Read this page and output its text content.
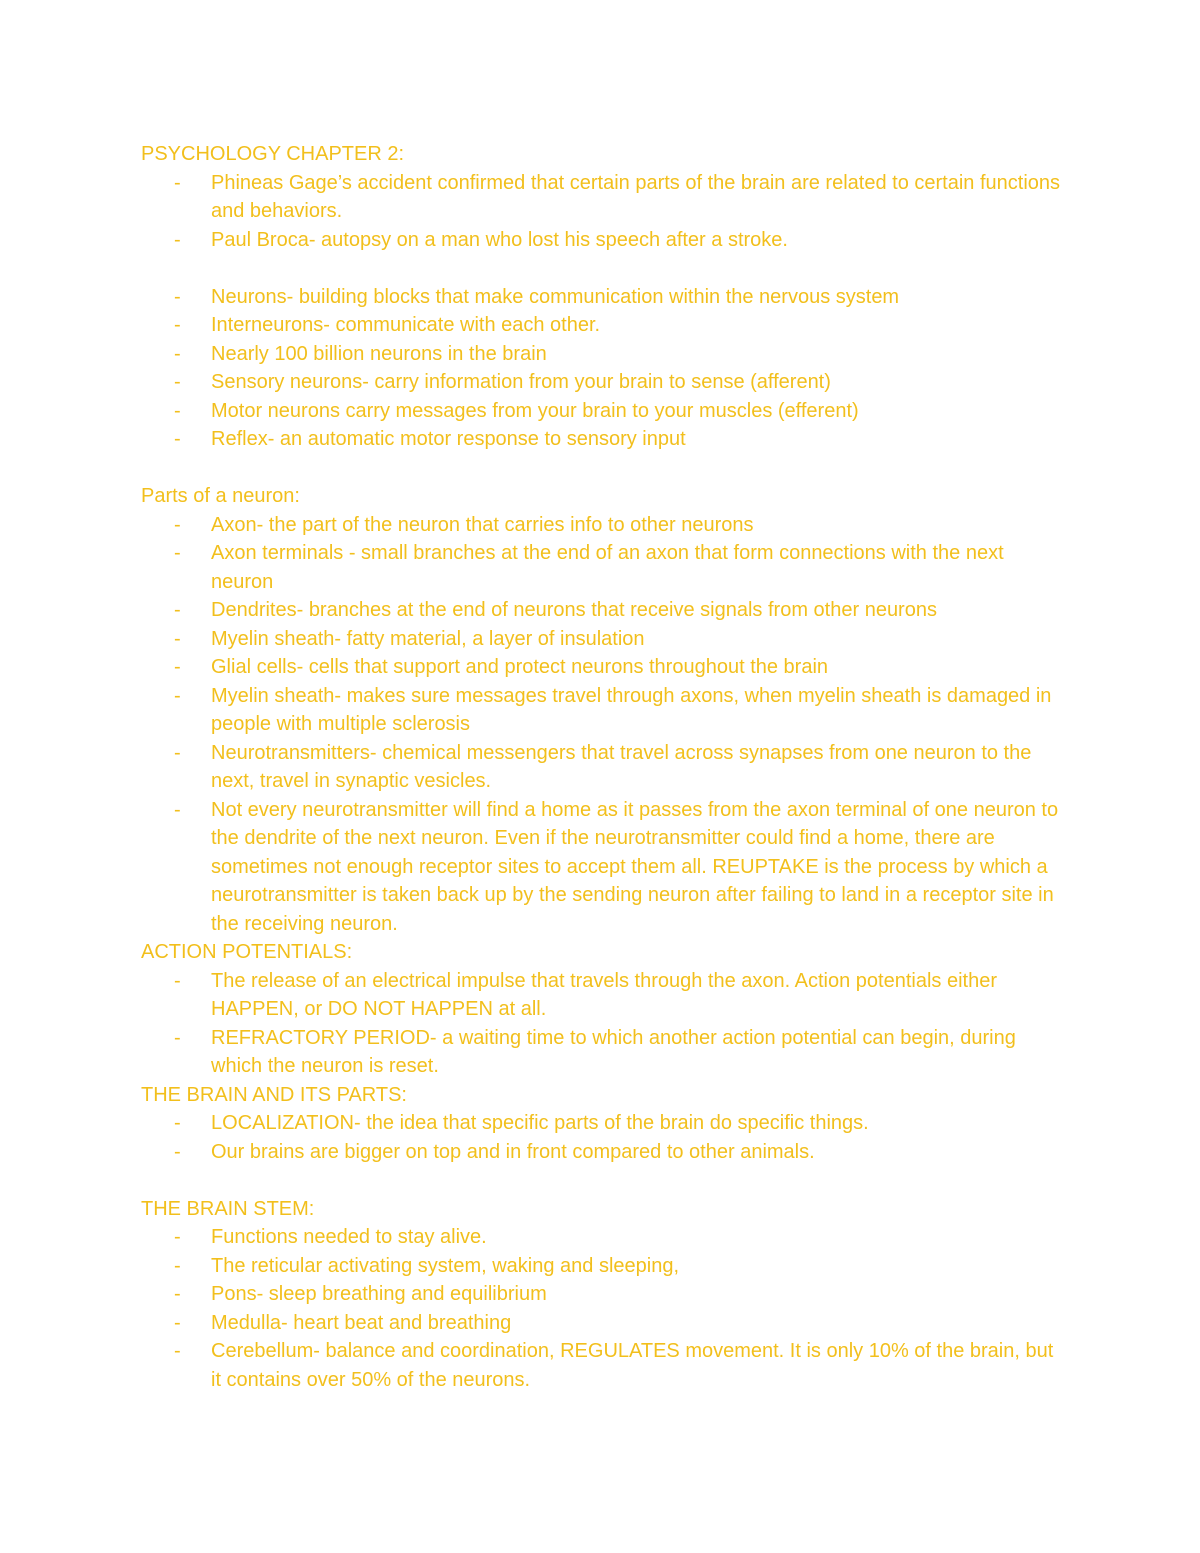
PSYCHOLOGY CHAPTER 2:

- Phineas Gage’s accident confirmed that certain parts of the brain are related to certain functions and behaviors.
- Paul Broca- autopsy on a man who lost his speech after a stroke.
- Neurons- building blocks that make communication within the nervous system
- Interneurons- communicate with each other.
- Nearly 100 billion neurons in the brain
- Sensory neurons- carry information from your brain to sense (afferent)
- Motor neurons carry messages from your brain to your muscles (efferent)
- Reflex- an automatic motor response to sensory input

Parts of a neuron:

- Axon- the part of the neuron that carries info to other neurons
- Axon terminals - small branches at the end of an axon that form connections with the next neuron
- Dendrites- branches at the end of neurons that receive signals from other neurons
- Myelin sheath- fatty material, a layer of insulation
- Glial cells- cells that support and protect neurons throughout the brain
- Myelin sheath- makes sure messages travel through axons, when myelin sheath is damaged in people with multiple sclerosis
- Neurotransmitters- chemical messengers that travel across synapses from one neuron to the next, travel in synaptic vesicles.
- Not every neurotransmitter will find a home as it passes from the axon terminal of one neuron to the dendrite of the next neuron. Even if the neurotransmitter could find a home, there are sometimes not enough receptor sites to accept them all. REUPTAKE is the process by which a neurotransmitter is taken back up by the sending neuron after failing to land in a receptor site in the receiving neuron.

ACTION POTENTIALS:

- The release of an electrical impulse that travels through the axon. Action potentials either HAPPEN, or DO NOT HAPPEN at all.
- REFRACTORY PERIOD- a waiting time to which another action potential can begin, during which the neuron is reset.

THE BRAIN AND ITS PARTS:

- LOCALIZATION- the idea that specific parts of the brain do specific things.
- Our brains are bigger on top and in front compared to other animals.

THE BRAIN STEM:

- Functions needed to stay alive.
- The reticular activating system, waking and sleeping,
- Pons- sleep breathing and equilibrium
- Medulla- heart beat and breathing
- Cerebellum- balance and coordination, REGULATES movement. It is only 10% of the brain, but it contains over 50% of the neurons.
